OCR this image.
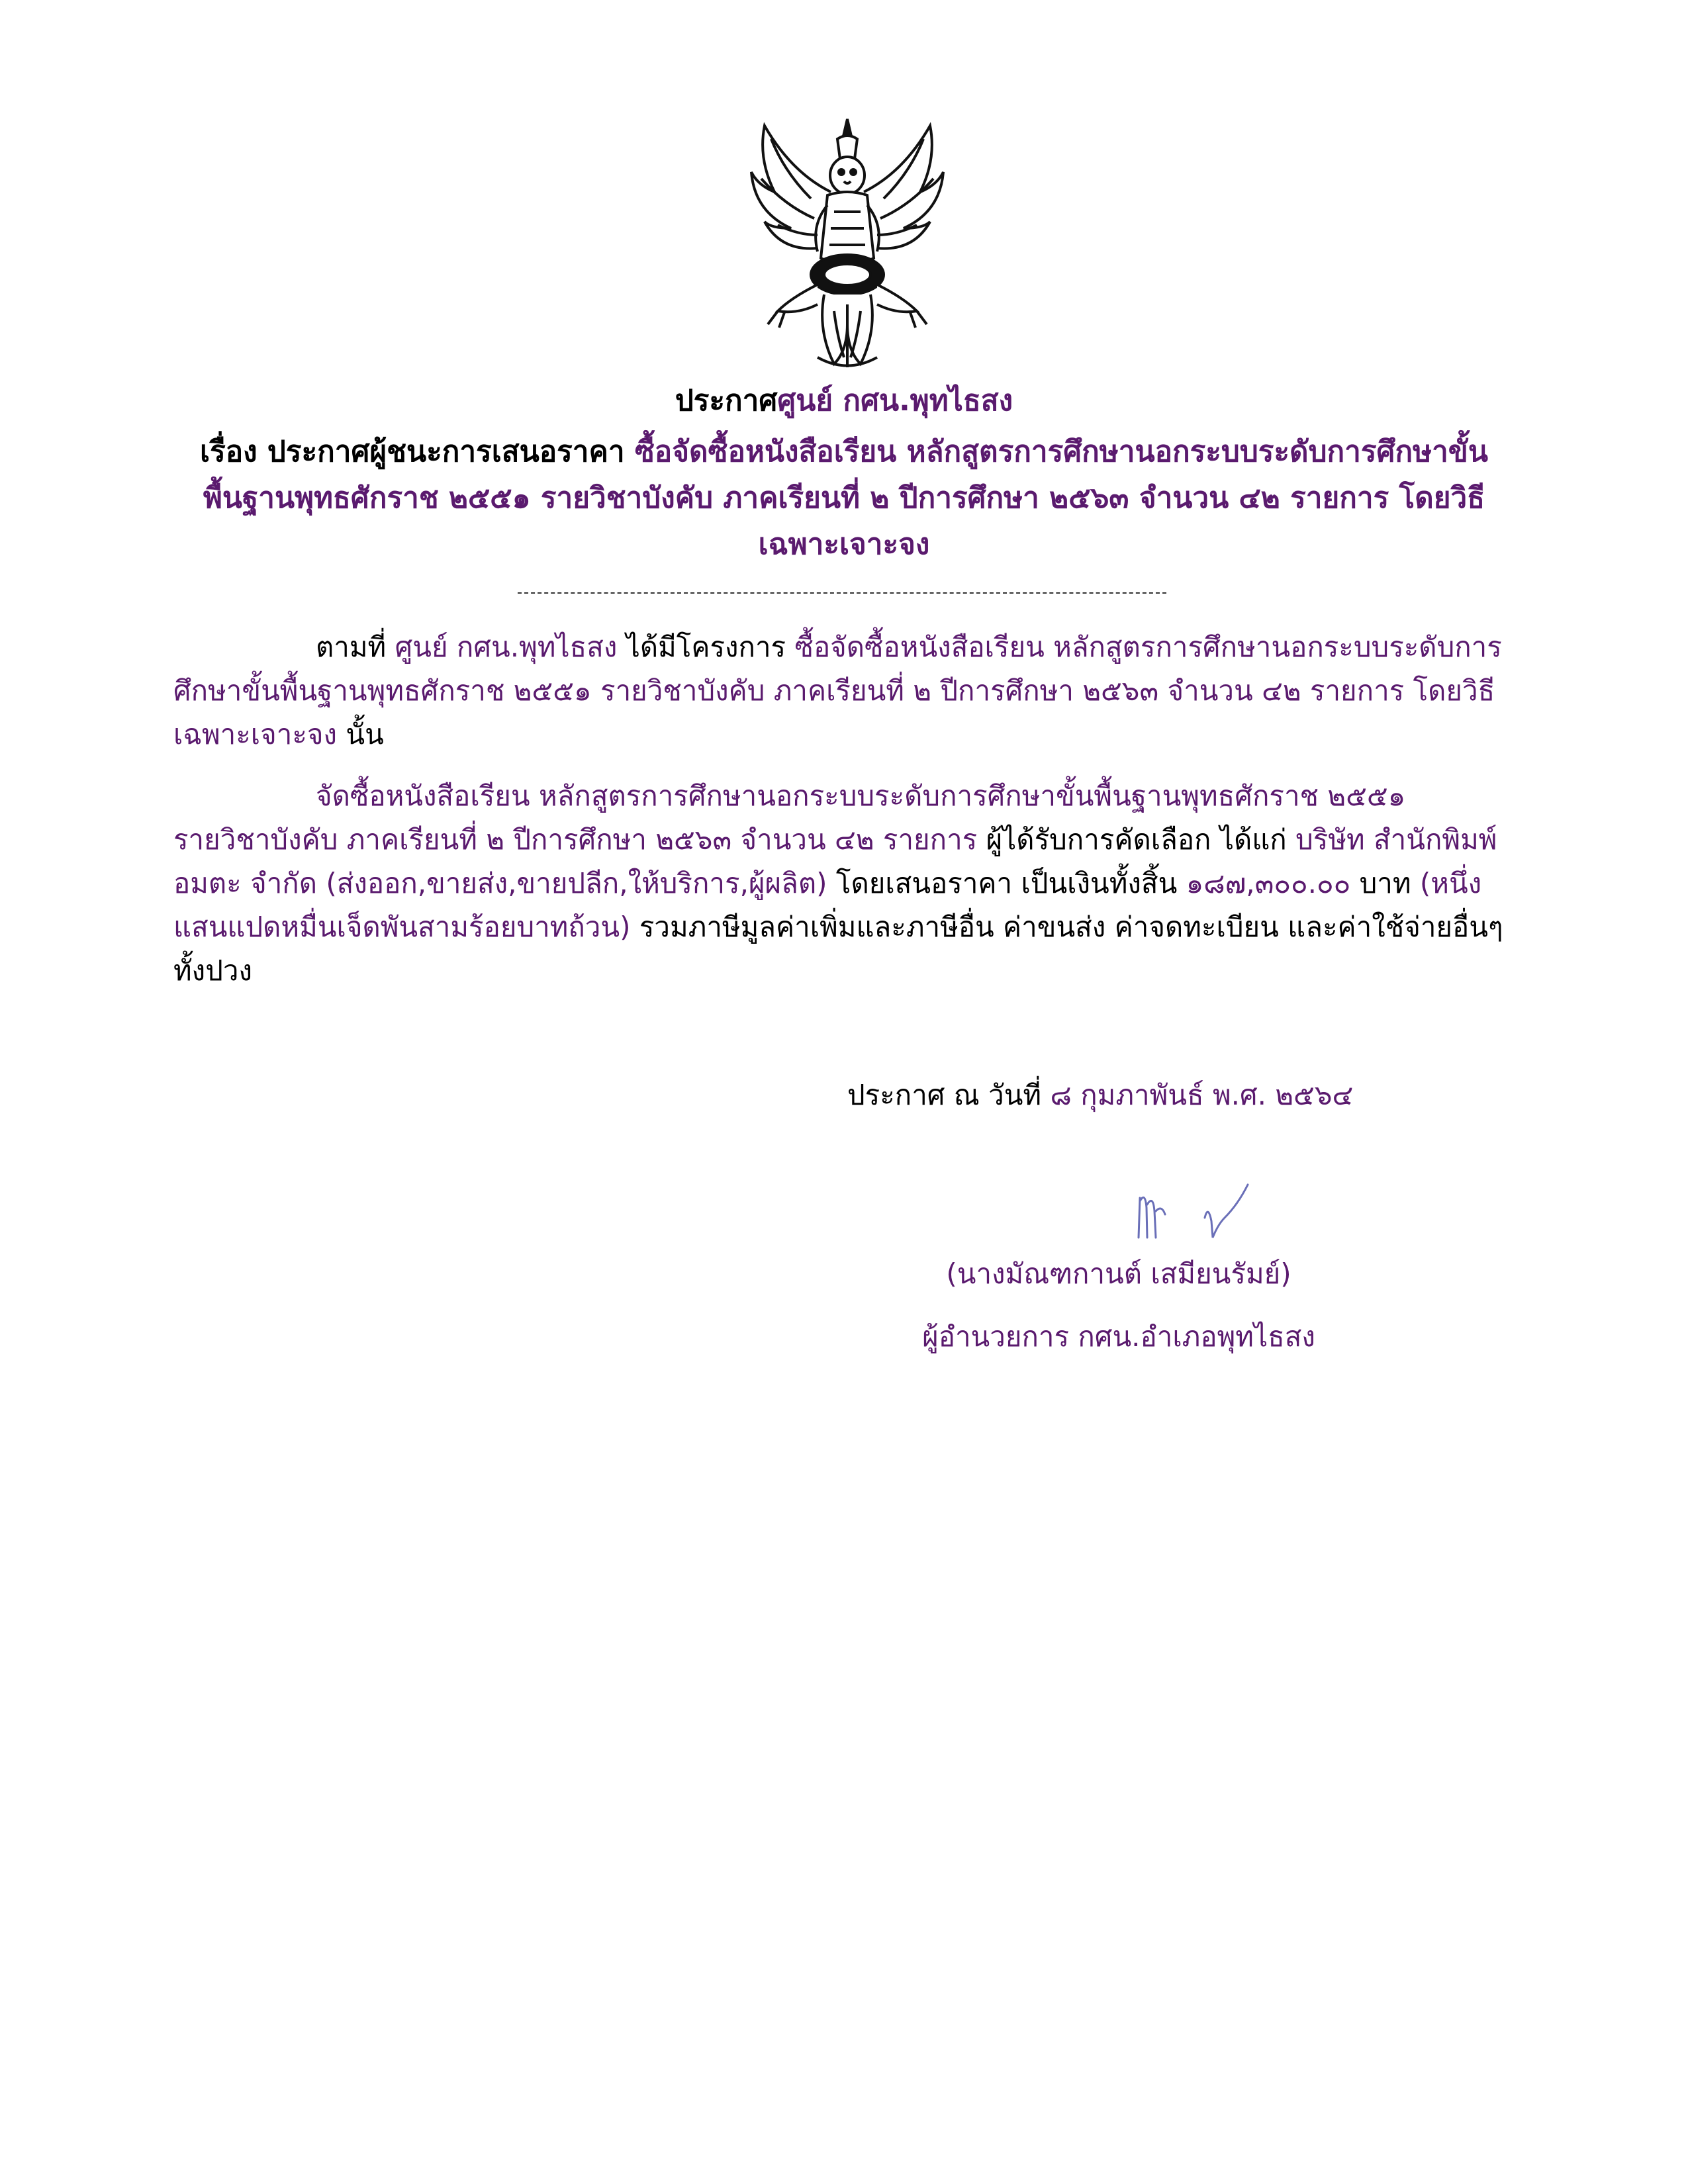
ประกาศศูนย์ กศน.พุทไธสง
เรื่อง ประกาศผู้ชนะการเสนอราคา ซื้อจัดซื้อหนังสือเรียน หลักสูตรการศึกษานอกระบบระดับการศึกษาขั้นพื้นฐานพุทธศักราช ๒๕๕๑ รายวิชาบังคับ ภาคเรียนที่ ๒ ปีการศึกษา ๒๕๖๓ จำนวน ๔๒ รายการ โดยวิธีเฉพาะเจาะจง
ตามที่ ศูนย์ กศน.พุทไธสง ได้มีโครงการ ซื้อจัดซื้อหนังสือเรียน หลักสูตรการศึกษานอกระบบระดับการศึกษาขั้นพื้นฐานพุทธศักราช ๒๕๕๑ รายวิชาบังคับ ภาคเรียนที่ ๒ ปีการศึกษา ๒๕๖๓ จำนวน ๔๒ รายการ โดยวิธีเฉพาะเจาะจง นั้น
จัดซื้อหนังสือเรียน หลักสูตรการศึกษานอกระบบระดับการศึกษาขั้นพื้นฐานพุทธศักราช ๒๕๕๑ รายวิชาบังคับ ภาคเรียนที่ ๒ ปีการศึกษา ๒๕๖๓ จำนวน ๔๒ รายการ ผู้ได้รับการคัดเลือก ได้แก่ บริษัท สำนักพิมพ์อมตะ จำกัด (ส่งออก,ขายส่ง,ขายปลีก,ให้บริการ,ผู้ผลิต) โดยเสนอราคา เป็นเงินทั้งสิ้น ๑๘๗,๓๐๐.๐๐ บาท (หนึ่งแสนแปดหมื่นเจ็ดพันสามร้อยบาทถ้วน) รวมภาษีมูลค่าเพิ่มและภาษีอื่น ค่าขนส่ง ค่าจดทะเบียน และค่าใช้จ่ายอื่นๆ ทั้งปวง
ประกาศ ณ วันที่ ๘ กุมภาพันธ์ พ.ศ. ๒๕๖๔
(นางมัณฑกานต์ เสมียนรัมย์)
ผู้อำนวยการ กศน.อำเภอพุทไธสง
